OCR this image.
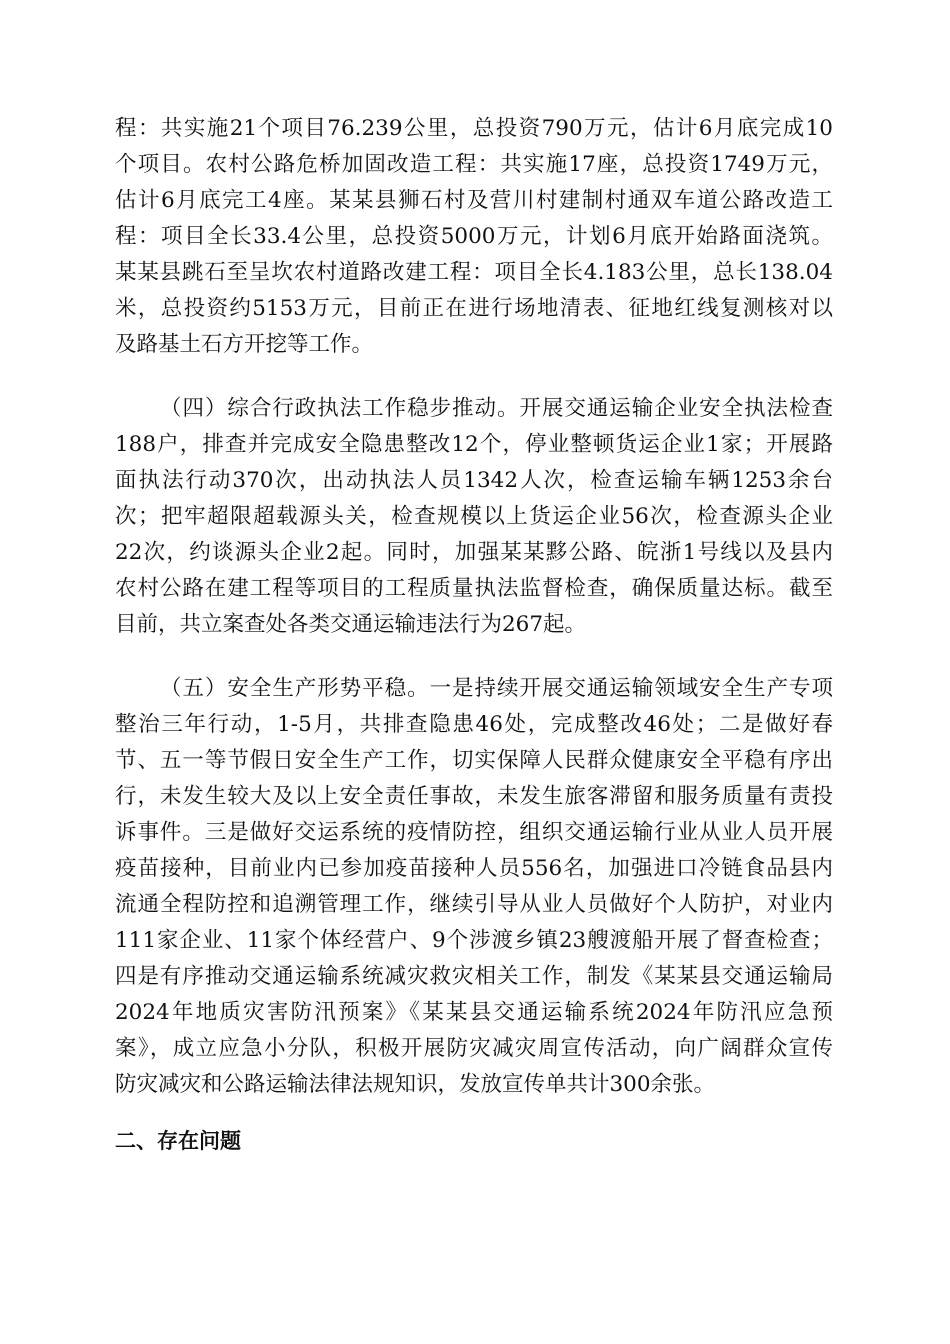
程：共实施21个项目76.239公里，总投资790万元，估计6月底完成10

个项目。农村公路危桥加固改造工程：共实施17座，总投资1749万元，

估计6月底完工4座。某某县狮石村及营川村建制村通双车道公路改造工

程：项目全长33.4公里，总投资5000万元，计划6月底开始路面浇筑。

某某县跳石至呈坎农村道路改建工程：项目全长4.183公里，总长138.04

米，总投资约5153万元，目前正在进行场地清表、征地红线复测核对以

及路基土石方开挖等工作。

（四）综合行政执法工作稳步推动。开展交通运输企业安全执法检查

188户，排查并完成安全隐患整改12个，停业整顿货运企业1家；开展路

面执法行动370次，出动执法人员1342人次，检查运输车辆1253余台

次；把牢超限超载源头关，检查规模以上货运企业56次，检查源头企业

22次，约谈源头企业2起。同时，加强某某黟公路、皖浙1号线以及县内

农村公路在建工程等项目的工程质量执法监督检查，确保质量达标。截至

目前，共立案查处各类交通运输违法行为267起。

（五）安全生产形势平稳。一是持续开展交通运输领域安全生产专项

整治三年行动，1-5月，共排查隐患46处，完成整改46处；二是做好春

节、五一等节假日安全生产工作，切实保障人民群众健康安全平稳有序出

行，未发生较大及以上安全责任事故，未发生旅客滞留和服务质量有责投

诉事件。三是做好交运系统的疫情防控，组织交通运输行业从业人员开展

疫苗接种，目前业内已参加疫苗接种人员556名，加强进口冷链食品县内

流通全程防控和追溯管理工作，继续引导从业人员做好个人防护，对业内

111家企业、11家个体经营户、9个涉渡乡镇23艘渡船开展了督查检查；

四是有序推动交通运输系统减灾救灾相关工作，制发《某某县交通运输局

2024年地质灾害防汛预案》《某某县交通运输系统2024年防汛应急预

案》，成立应急小分队，积极开展防灾减灾周宣传活动，向广阔群众宣传

防灾减灾和公路运输法律法规知识，发放宣传单共计300余张。

二、存在问题
